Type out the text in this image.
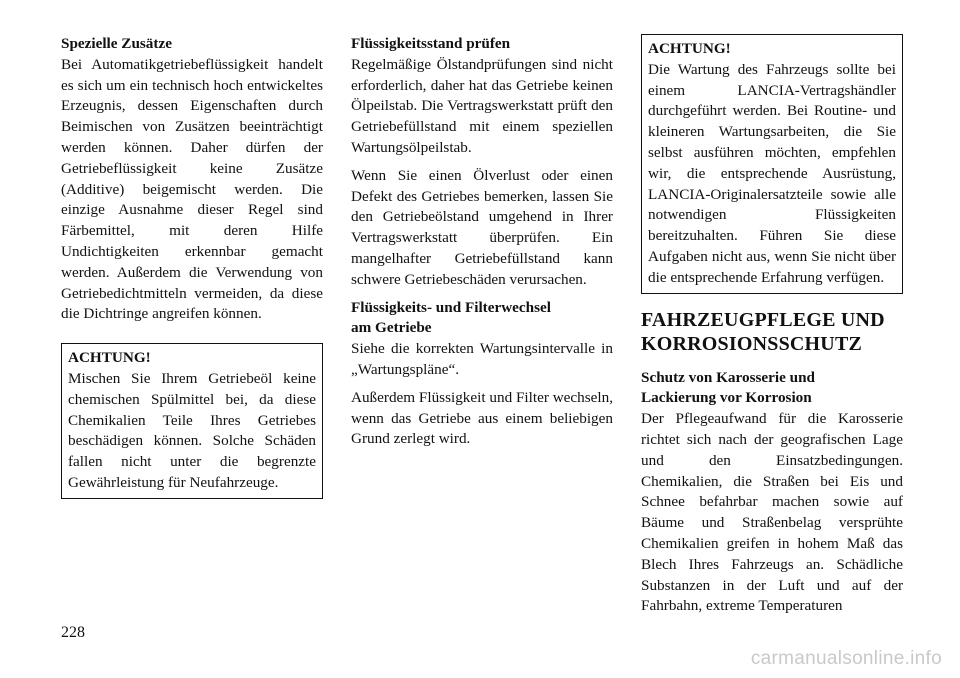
Spezielle Zusätze

Bei Automatikgetriebeflüssigkeit handelt es sich um ein technisch hoch entwickeltes Erzeugnis, dessen Eigenschaften durch Beimischen von Zusätzen beeinträchtigt werden können. Daher dürfen der Getriebeflüssigkeit keine Zusätze (Additive) beigemischt werden. Die einzige Ausnahme dieser Regel sind Färbemittel, mit deren Hilfe Undichtigkeiten erkennbar gemacht werden. Außerdem die Verwendung von Getriebedichtmitteln vermeiden, da diese die Dichtringe angreifen können.

ACHTUNG!
Mischen Sie Ihrem Getriebeöl keine chemischen Spülmittel bei, da diese Chemikalien Teile Ihres Getriebes beschädigen können. Solche Schäden fallen nicht unter die begrenzte Gewährleistung für Neufahrzeuge.
Flüssigkeitsstand prüfen

Regelmäßige Ölstandprüfungen sind nicht erforderlich, daher hat das Getriebe keinen Ölpeilstab. Die Vertragswerkstatt prüft den Getriebefüllstand mit einem speziellen Wartungsölpeilstab.

Wenn Sie einen Ölverlust oder einen Defekt des Getriebes bemerken, lassen Sie den Getriebeölstand umgehend in Ihrer Vertragswerkstatt überprüfen. Ein mangelhafter Getriebefüllstand kann schwere Getriebeschäden verursachen.

Flüssigkeits- und Filterwechsel
am Getriebe

Siehe die korrekten Wartungsintervalle in „Wartungspläne“.

Außerdem Flüssigkeit und Filter wechseln, wenn das Getriebe aus einem beliebigen Grund zerlegt wird.

ACHTUNG!
Die Wartung des Fahrzeugs sollte bei einem LANCIA-Vertragshändler durchgeführt werden. Bei Routine- und kleineren Wartungsarbeiten, die Sie selbst ausführen möchten, empfehlen wir, die entsprechende Ausrüstung, LANCIA-Originalersatzteile sowie alle notwendigen Flüssigkeiten bereitzuhalten. Führen Sie diese Aufgaben nicht aus, wenn Sie nicht über die entsprechende Erfahrung verfügen.
FAHRZEUGPFLEGE UND
KORROSIONSSCHUTZ
Schutz von Karosserie und
Lackierung vor Korrosion

Der Pflegeaufwand für die Karosserie richtet sich nach der geografischen Lage und den Einsatzbedingungen. Chemikalien, die Straßen bei Eis und Schnee befahrbar machen sowie auf Bäume und Straßenbelag versprühte Chemikalien greifen in hohem Maß das Blech Ihres Fahrzeugs an. Schädliche Substanzen in der Luft und auf der Fahrbahn, extreme Temperaturen

228
carmanualsonline.info
